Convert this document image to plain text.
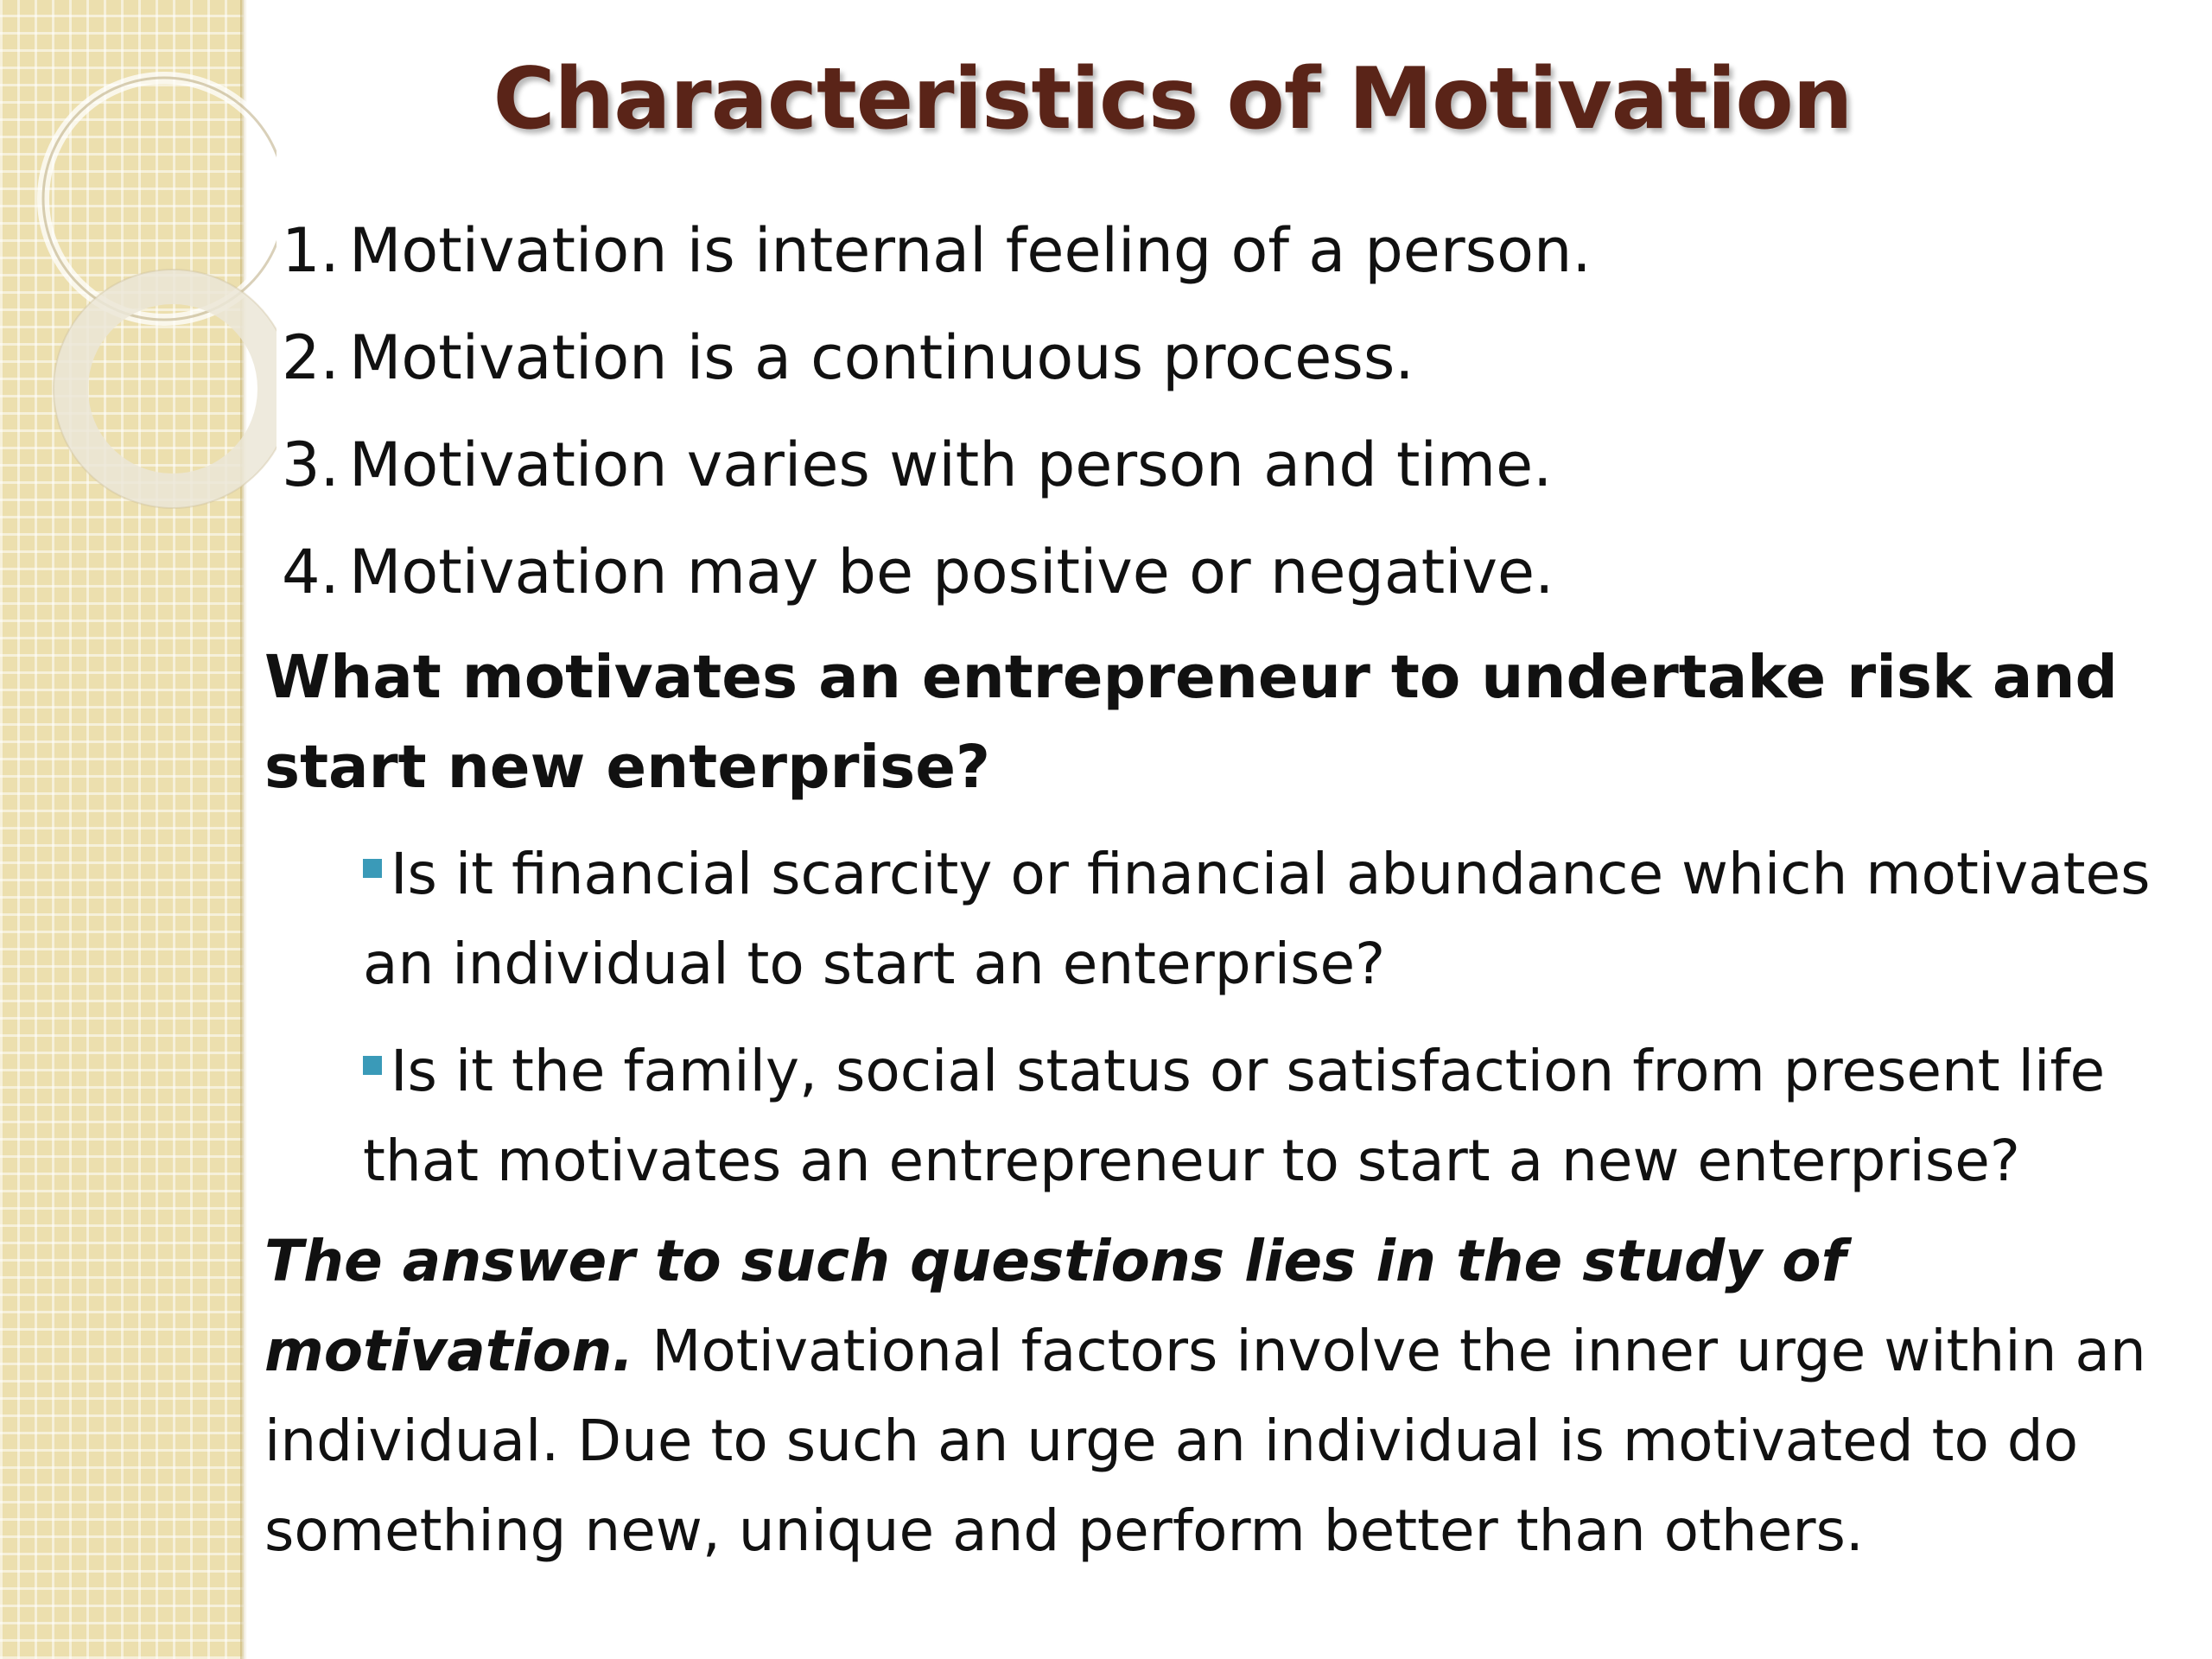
Characteristics of Motivation
1. Motivation is internal feeling of a person.
2. Motivation is a continuous process.
3. Motivation varies with person and time.
4. Motivation may be positive or negative.
What motivates an entrepreneur to undertake risk and start new enterprise?
Is it financial scarcity or financial abundance which motivates an individual to start an enterprise?
Is it the family, social status or satisfaction from present life that motivates an entrepreneur to start a new enterprise?
The answer to such questions lies in the study of motivation. Motivational factors involve the inner urge within an individual. Due to such an urge an individual is motivated to do something new, unique and perform better than others.
